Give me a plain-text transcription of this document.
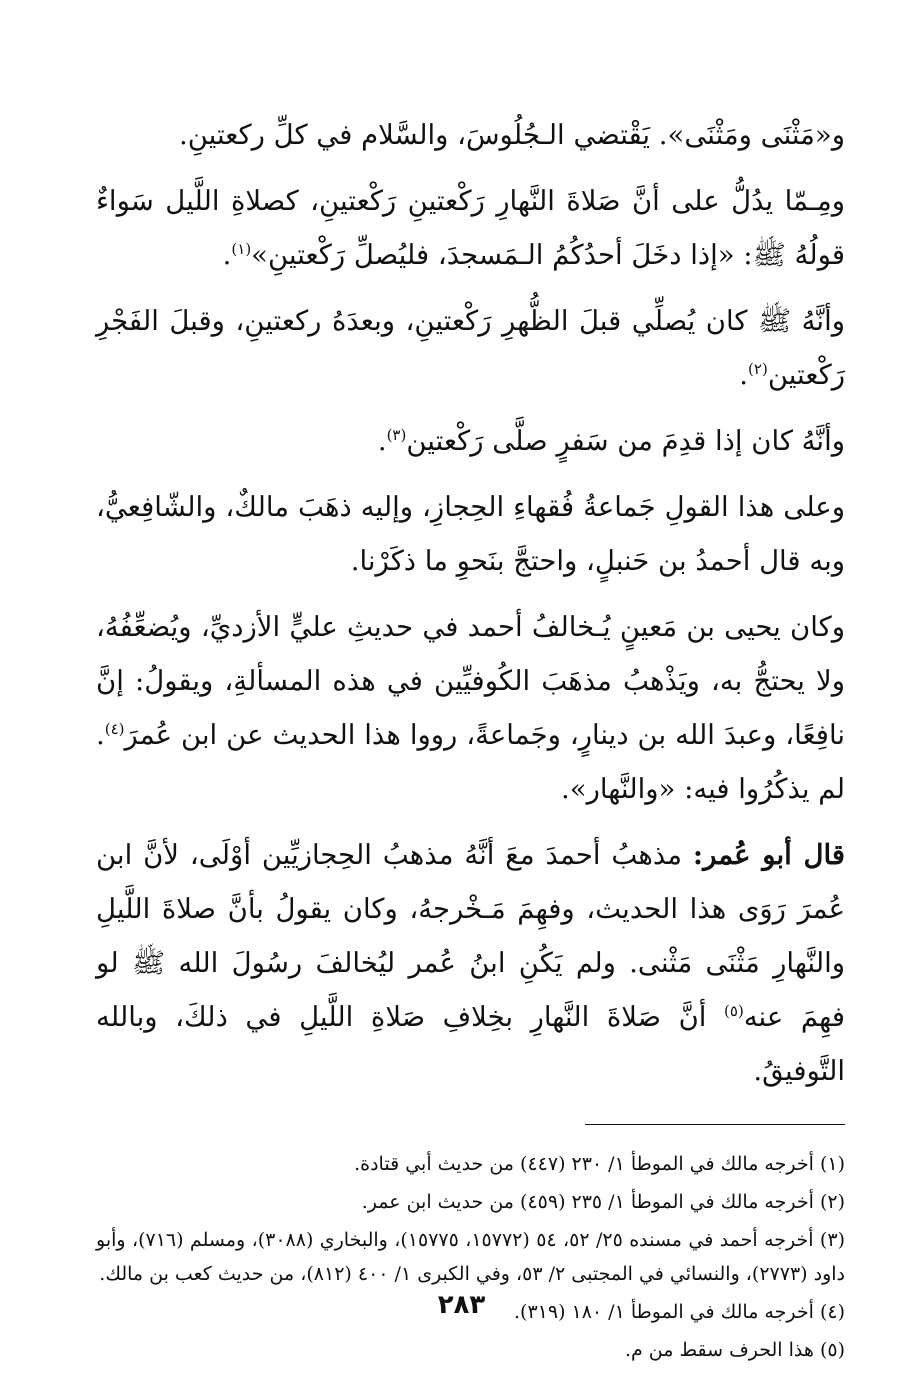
و«مَثْنَى ومَثْنَى». يَقْتضي الـجُلُوسَ، والسَّلام في كلِّ ركعتينِ.

ومِـمّا يدُلُّ على أنَّ صَلاةَ النَّهارِ رَكْعتينِ رَكْعتينِ، كصلاةِ اللَّيل سَواءٌ قولُهُ ﷺ: «إذا دخَلَ أحدُكُمُ الـمَسجدَ، فليُصلِّ رَكْعتينِ»$^{(١)}$.

وأنَّهُ ﷺ كان يُصلِّي قبلَ الظُّهرِ رَكْعتينِ، وبعدَهُ ركعتينِ، وقبلَ الفَجْرِ رَكْعتين$^{(٢)}$.

وأنَّهُ كان إذا قدِمَ من سَفرٍ صلَّى رَكْعتين$^{(٣)}$.

وعلى هذا القولِ جَماعةُ فُقهاءِ الحِجازِ، وإليه ذهَبَ مالكٌ، والشّافِعيُّ، وبه قال أحمدُ بن حَنبلٍ، واحتجَّ بنَحوِ ما ذكَرْنا.

وكان يحيى بن مَعينٍ يُـخالفُ أحمد في حديثِ عليٍّ الأزديِّ، ويُضعِّفُهُ، ولا يحتجُّ به، ويَذْهبُ مذهَبَ الكُوفيِّين في هذه المسألةِ، ويقولُ: إنَّ نافِعًا، وعبدَ الله بن دينارٍ، وجَماعةً، رووا هذا الحديث عن ابن عُمرَ$^{(٤)}$. لم يذكُرُوا فيه: «والنَّهار».

قال أبو عُمر: مذهبُ أحمدَ معَ أنَّهُ مذهبُ الحِجازيِّين أوْلَى، لأنَّ ابن عُمرَ رَوَى هذا الحديث، وفهِمَ مَـخْرجهُ، وكان يقولُ بأنَّ صلاةَ اللَّيلِ والنَّهارِ مَثْنَى مَثْنى. ولم يَكُنِ ابنُ عُمر ليُخالفَ رسُولَ الله ﷺ لو فهِمَ عنه$^{(٥)}$ أنَّ صَلاةَ النَّهارِ بخِلافِ صَلاةِ اللَّيلِ في ذلكَ، وبالله التَّوفيقُ.

(١) أخرجه مالك في الموطأ ١/ ٢٣٠ (٤٤٧) من حديث أبي قتادة.

(٢) أخرجه مالك في الموطأ ١/ ٢٣٥ (٤٥٩) من حديث ابن عمر.

(٣) أخرجه أحمد في مسنده ٢٥/ ٥٢، ٥٤ (١٥٧٧٢، ١٥٧٧٥)، والبخاري (٣٠٨٨)، ومسلم (٧١٦)، وأبو داود (٢٧٧٣)، والنسائي في المجتبى ٢/ ٥٣، وفي الكبرى ١/ ٤٠٠ (٨١٢)، من حديث كعب بن مالك.

(٤) أخرجه مالك في الموطأ ١/ ١٨٠ (٣١٩).

(٥) هذا الحرف سقط من م.

٢٨٣
